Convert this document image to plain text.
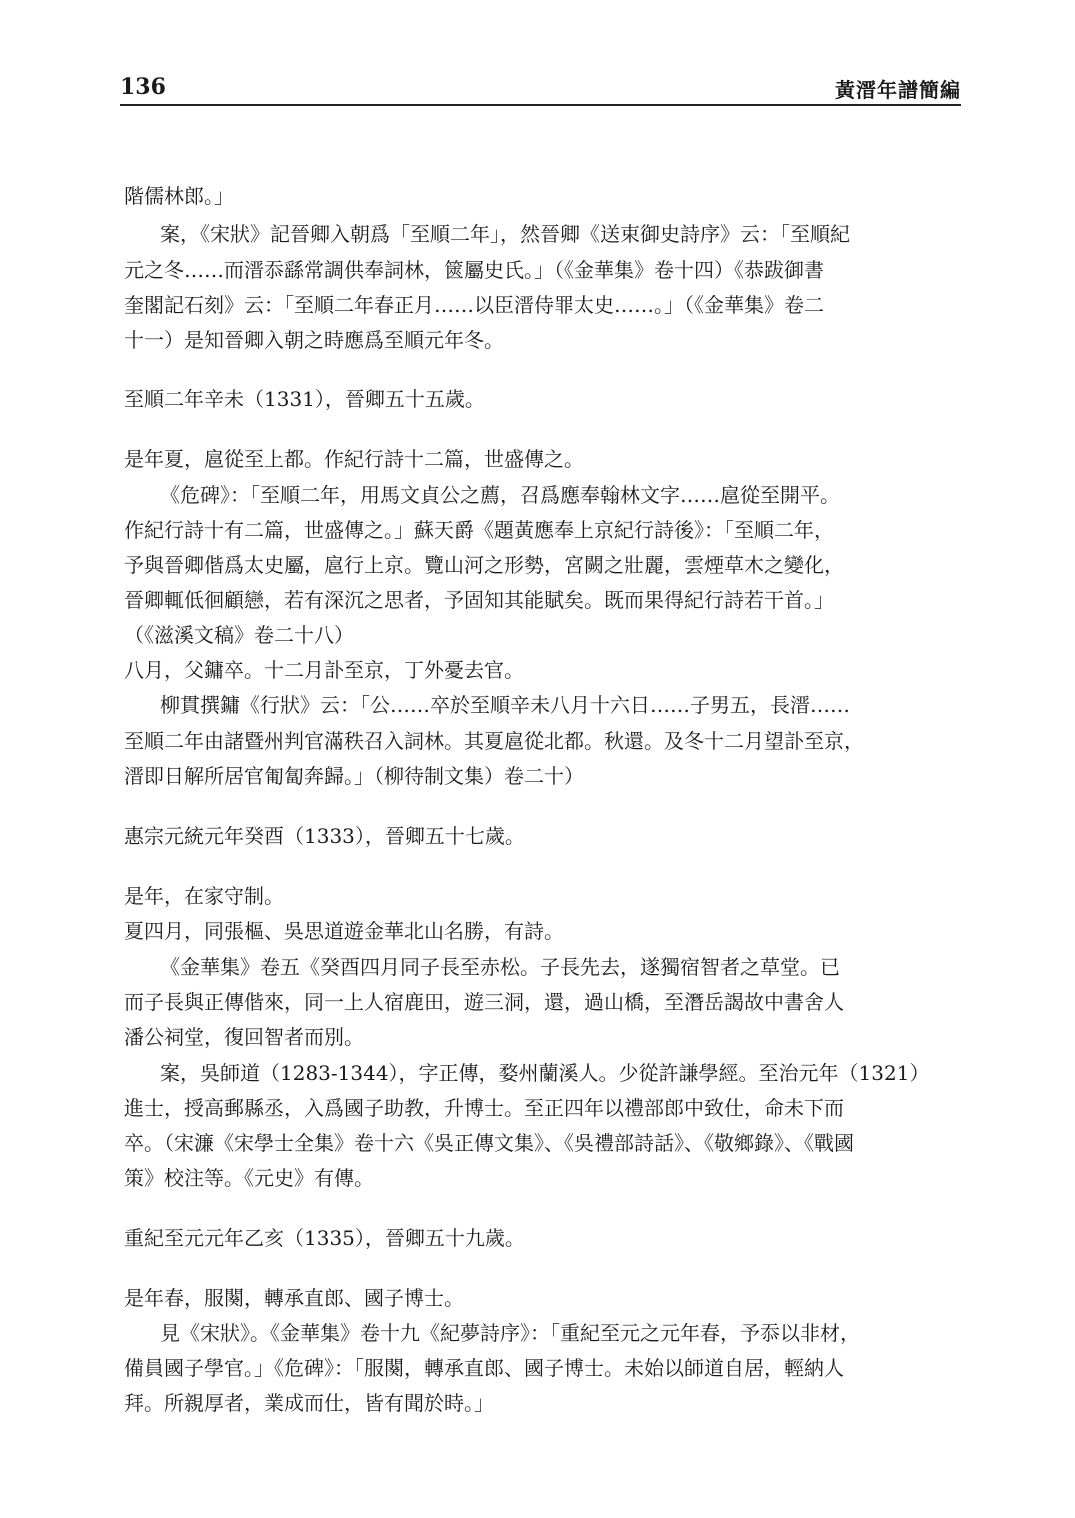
136	黃溍年譜簡編
階儒林郎。」
案，《宋狀》記晉卿入朝爲「至順二年」，然晉卿《送束御史詩序》云：「至順紀
元之冬……而溍忝繇常調供奉詞林，篋屬史氏。」（《金華集》卷十四）《恭跋御書
奎閣記石刻》云：「至順二年春正月……以臣溍侍罪太史……。」（《金華集》卷二
十一）是知晉卿入朝之時應爲至順元年冬。
至順二年辛未（1331），晉卿五十五歲。
是年夏，扈從至上都。作紀行詩十二篇，世盛傳之。
《危碑》：「至順二年，用馬文貞公之薦，召爲應奉翰林文字……扈從至開平。
作紀行詩十有二篇，世盛傳之。」蘇天爵《題黃應奉上京紀行詩後》：「至順二年，
予與晉卿偕爲太史屬，扈行上京。覽山河之形勢，宮闕之壯麗，雲煙草木之變化，
晉卿輒低徊顧戀，若有深沉之思者，予固知其能賦矣。既而果得紀行詩若干首。」
（《滋溪文稿》卷二十八）
八月，父鏞卒。十二月訃至京，丁外憂去官。
柳貫撰鏞《行狀》云：「公……卒於至順辛未八月十六日……子男五，長溍……
至順二年由諸暨州判官滿秩召入詞林。其夏扈從北都。秋還。及冬十二月望訃至京，
溍即日解所居官匍匐奔歸。」（柳待制文集）卷二十）
惠宗元統元年癸酉（1333），晉卿五十七歲。
是年，在家守制。
夏四月，同張樞、吳思道遊金華北山名勝，有詩。
《金華集》卷五《癸酉四月同子長至赤松。子長先去，遂獨宿智者之草堂。已
而子長與正傳偕來，同一上人宿鹿田，遊三洞，還，過山橋，至潛岳謁故中書舍人
潘公祠堂，復回智者而別。
案，吳師道（1283-1344），字正傳，婺州蘭溪人。少從許謙學經。至治元年（1321）
進士，授高郵縣丞，入爲國子助教，升博士。至正四年以禮部郎中致仕，命未下而
卒。（宋濂《宋學士全集》卷十六《吳正傳文集》、《吳禮部詩話》、《敬鄉錄》、《戰國
策》校注等。《元史》有傳。
重紀至元元年乙亥（1335），晉卿五十九歲。
是年春，服闋，轉承直郎、國子博士。
見《宋狀》。《金華集》卷十九《紀夢詩序》：「重紀至元之元年春，予忝以非材，
備員國子學官。」《危碑》：「服闋，轉承直郎、國子博士。未始以師道自居，輕納人
拜。所親厚者，業成而仕，皆有聞於時。」
